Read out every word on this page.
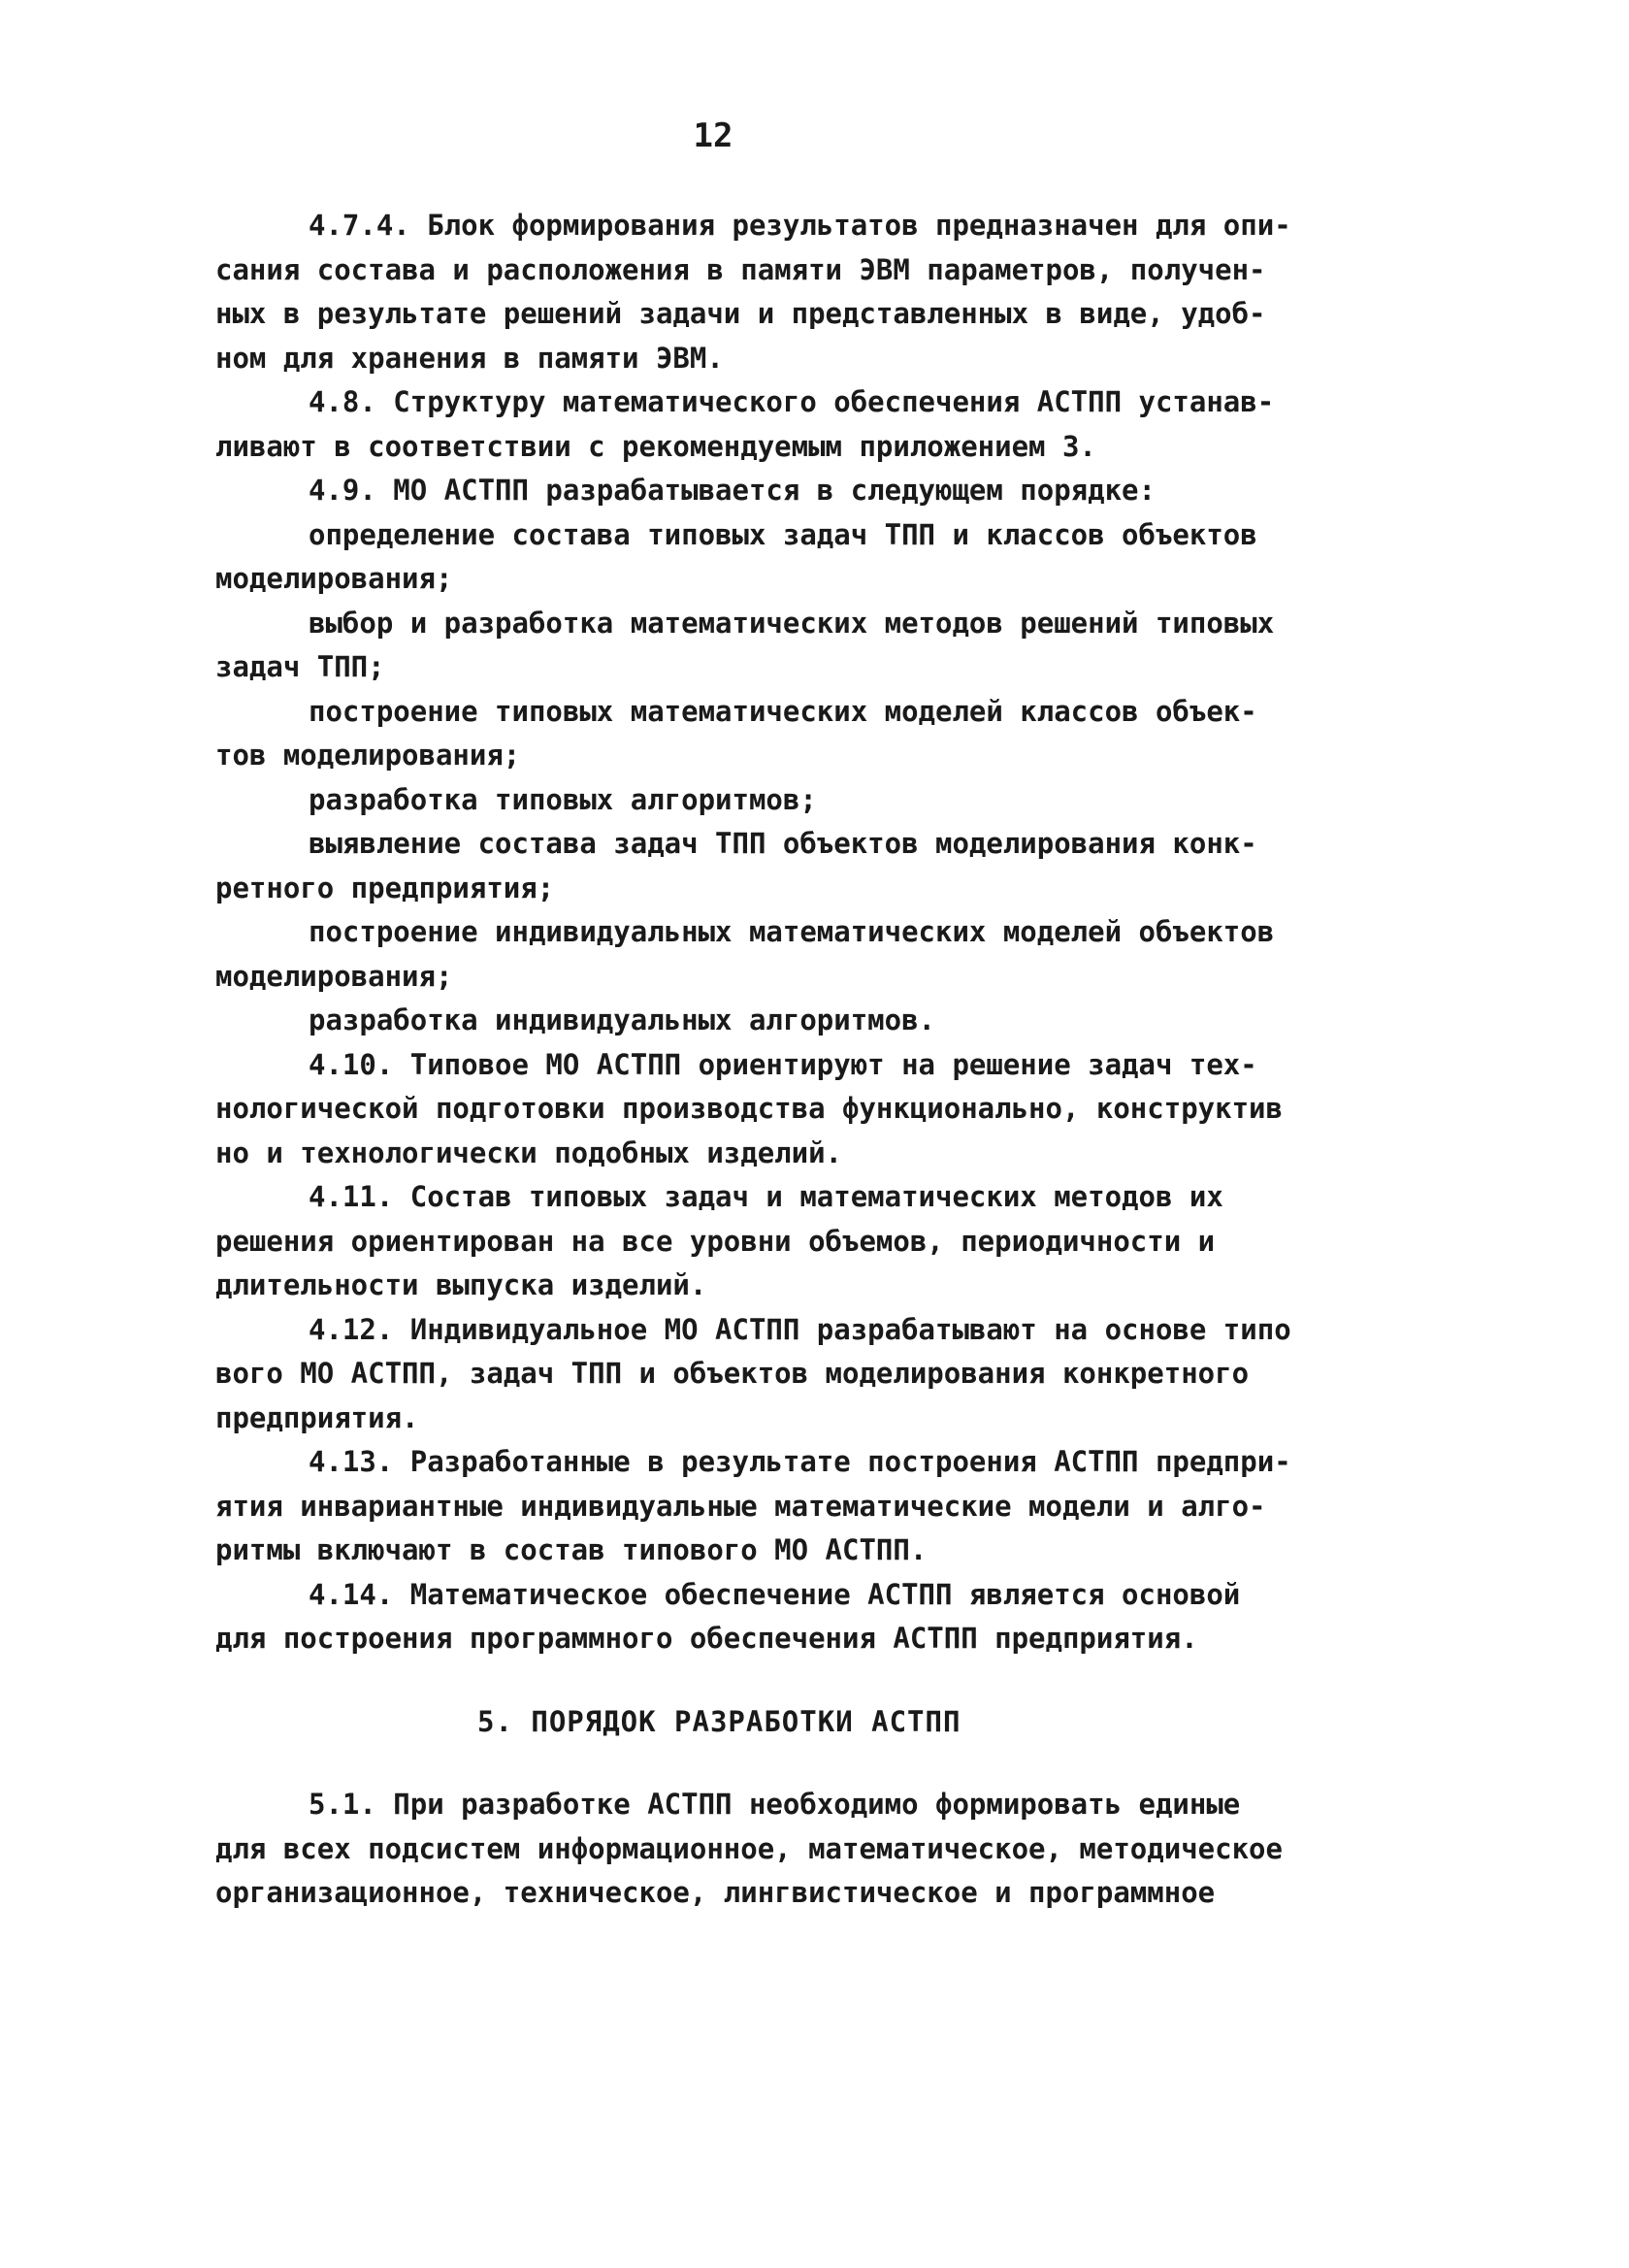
12
4.7.4. Блок формирования результатов предназначен для опи-
сания состава и расположения в памяти ЭВМ параметров, получен-
ных в результате решений задачи и представленных в виде, удоб-
ном для хранения в памяти ЭВМ.
4.8. Структуру математического обеспечения АСТПП устанав-
ливают в соответствии с рекомендуемым приложением 3.
4.9. МО АСТПП разрабатывается в следующем порядке:
определение состава типовых задач ТПП и классов объектов
моделирования;
выбор и разработка математических методов решений типовых
задач ТПП;
построение типовых математических моделей классов объек-
тов моделирования;
разработка типовых алгоритмов;
выявление состава задач ТПП объектов моделирования конк-
ретного предприятия;
построение индивидуальных математических моделей объектов
моделирования;
разработка индивидуальных алгоритмов.
4.10. Типовое МО АСТПП ориентируют на решение задач тех-
нологической подготовки производства функционально, конструктив
но и технологически подобных изделий.
4.11. Состав типовых задач и математических методов их
решения ориентирован на все уровни объемов, периодичности и
длительности выпуска изделий.
4.12. Индивидуальное МО АСТПП разрабатывают на основе типо
вого МО АСТПП, задач ТПП и объектов моделирования конкретного
предприятия.
4.13. Разработанные в результате построения АСТПП предпри-
ятия инвариантные индивидуальные математические модели и алго-
ритмы включают в состав типового МО АСТПП.
4.14. Математическое обеспечение АСТПП является основой
для построения программного обеспечения АСТПП предприятия.
5. ПОРЯДОК РАЗРАБОТКИ АСТПП
5.1. При разработке АСТПП необходимо формировать единые
для всех подсистем информационное, математическое, методическое
организационное, техническое, лингвистическое и программное
